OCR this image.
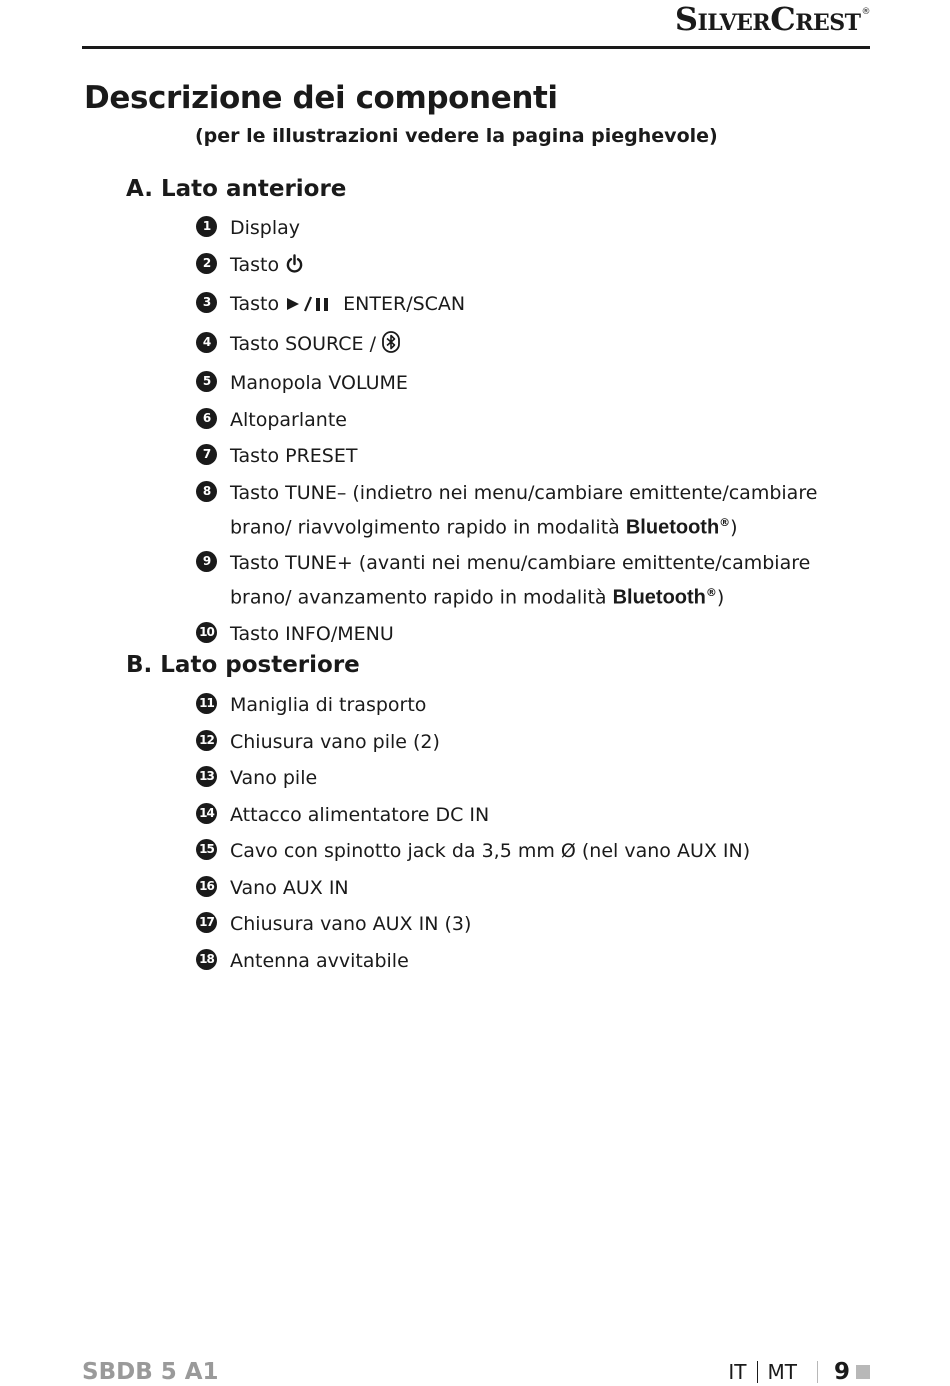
Silver Crest ®
Descrizione dei componenti

(per le illustrazioni vedere la pagina pieghevole)

A. Lato anteriore
1	Display
2	Tasto
3	Tasto	ENTER/SCAN
4	Tasto SOURCE /
5	Manopola VOLUME
6	Altoparlante
7	Tasto PRESET
8	Tasto TUNE– (indietro nei menu/cambiare emittente/cambiare brano/ riavvolgimento rapido in modalità Bluetooth®)
9	Tasto TUNE+ (avanti nei menu/cambiare emittente/cambiare brano/ avanzamento rapido in modalità Bluetooth®)
10 Tasto INFO/MENU
B. Lato posteriore
11 Maniglia di trasporto
12 Chiusura vano pile (2)
13 Vano pile
14 Attacco alimentatore DC IN
15 Cavo con spinotto jack da 3,5 mm Ø (nel vano AUX IN)
16 Vano AUX IN
17 Chiusura vano AUX IN (3)
18 Antenna avvitabile
SBDB 5 A1	IT MT 9
